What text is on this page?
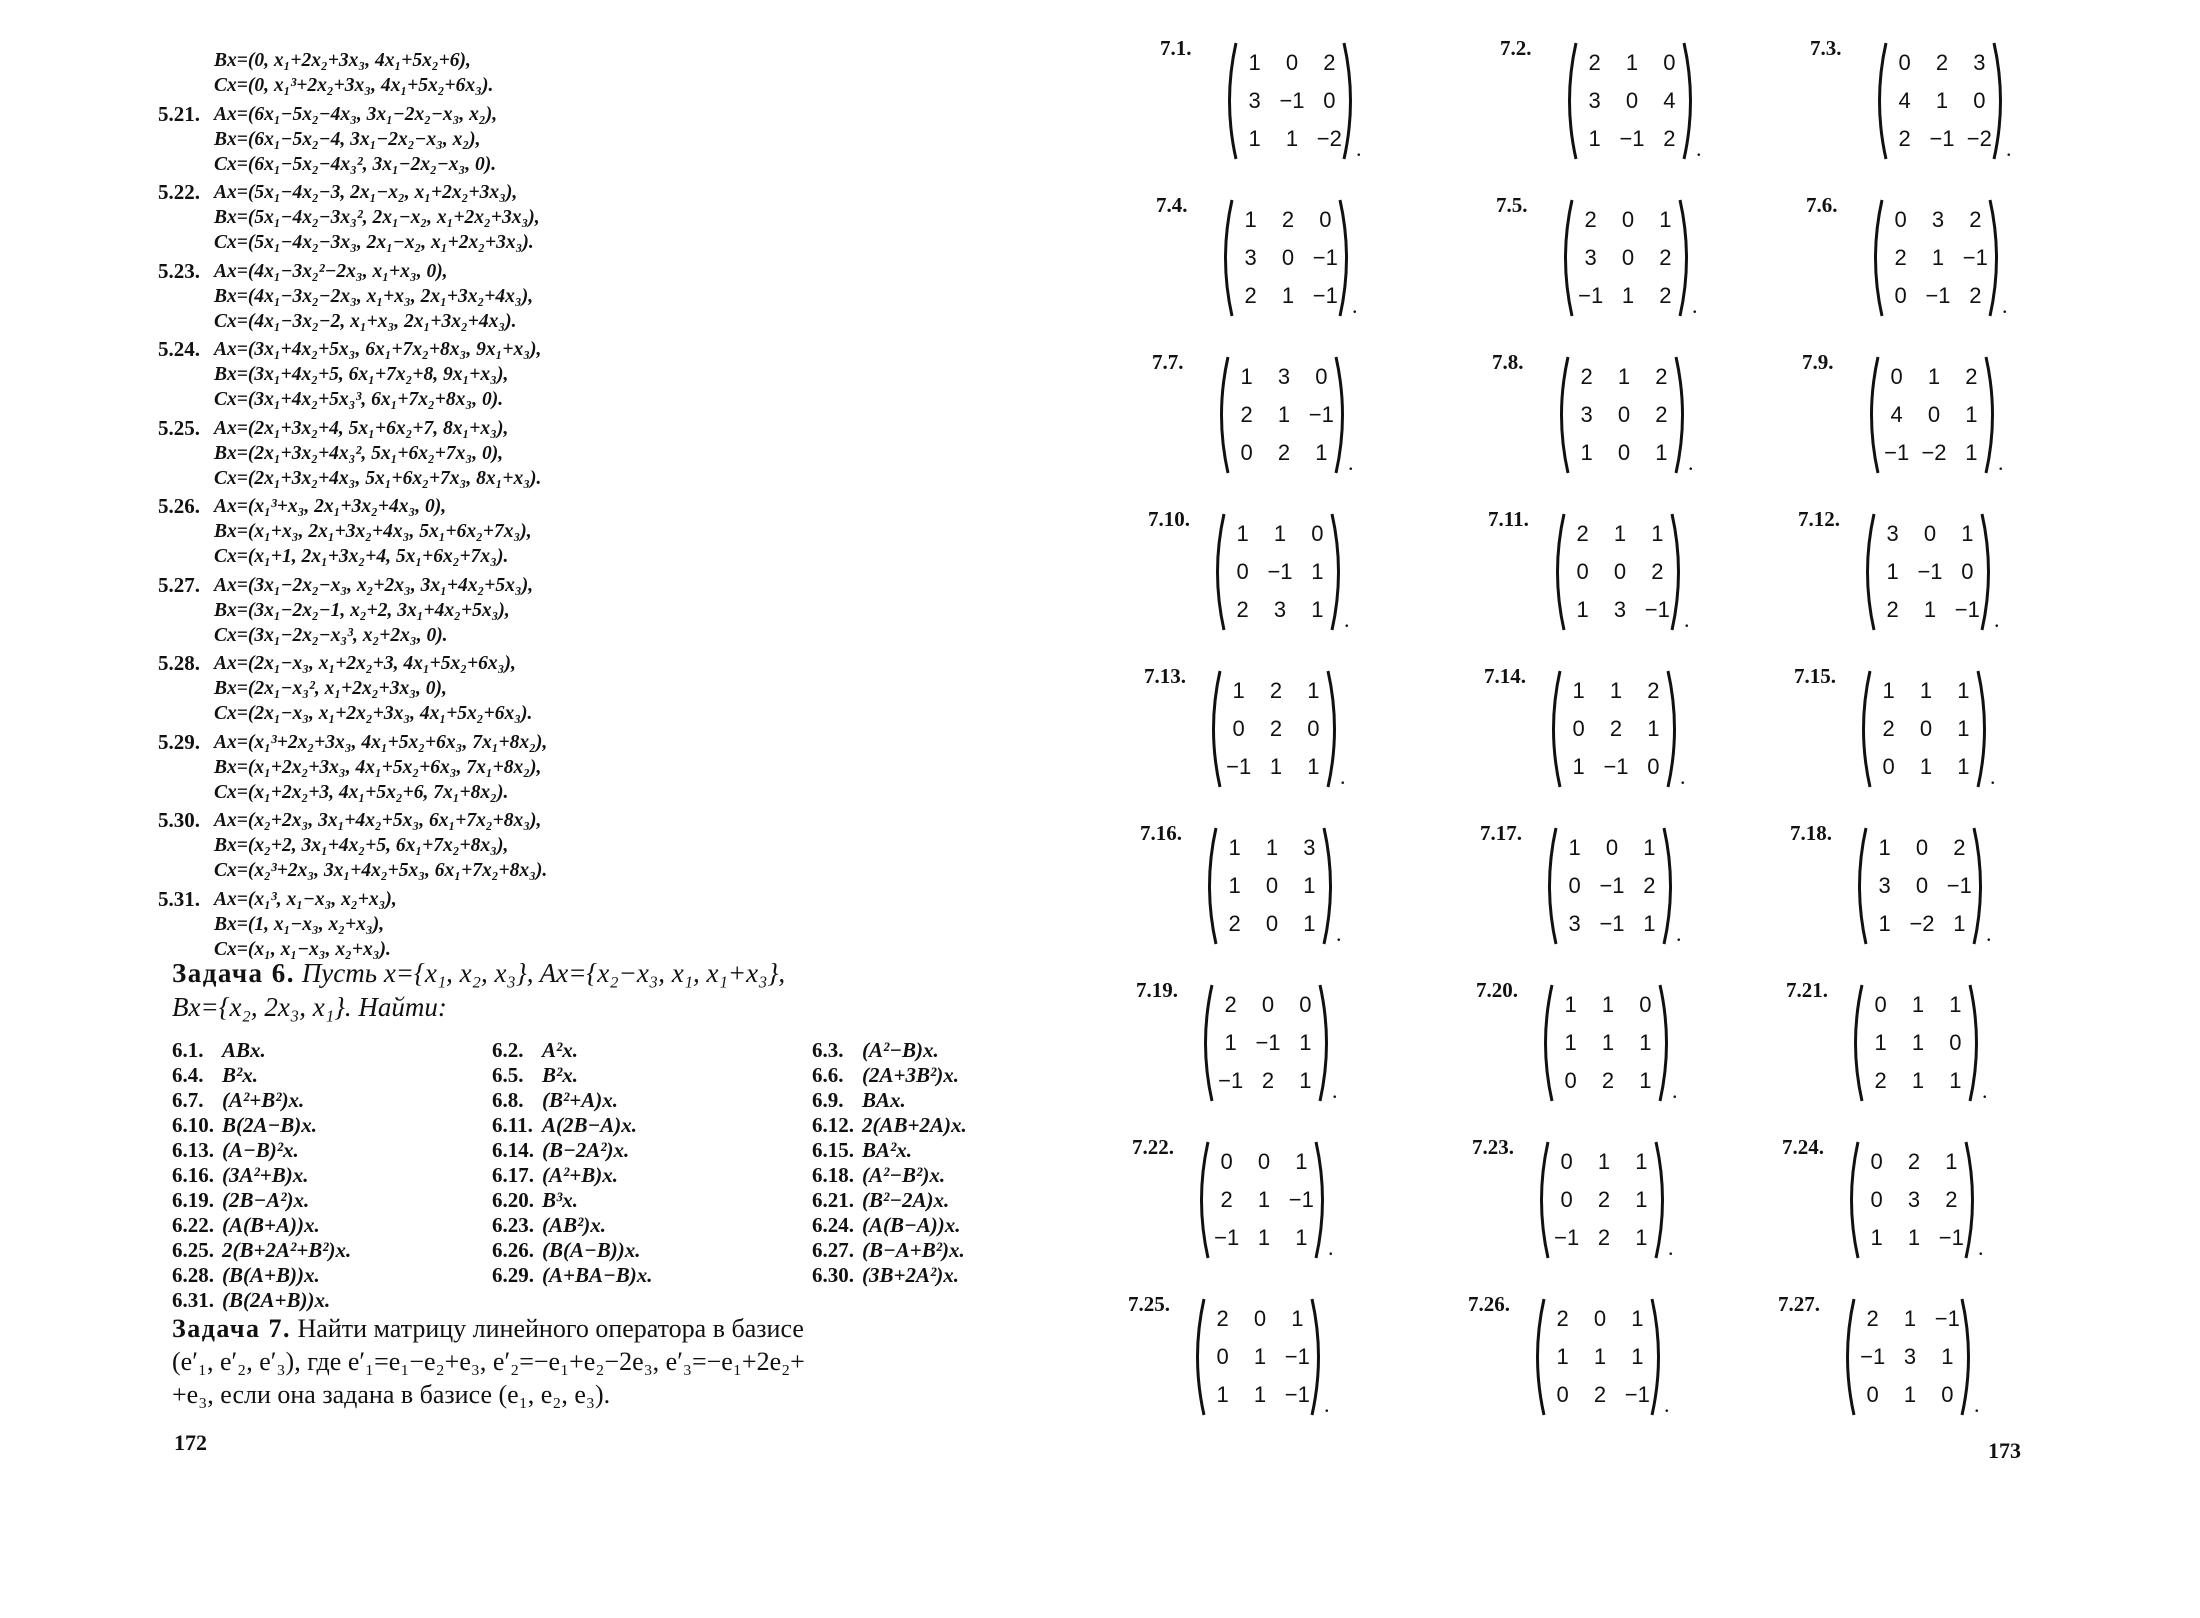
Bx=(0, x₁+2x₂+3x₃, 4x₁+5x₂+6),
Cx=(0, x₁³+2x₂+3x₃, 4x₁+5x₂+6x₃).
5.21. Ax=(6x₁−5x₂−4x₃, 3x₁−2x₂−x₃, x₂),
Bx=(6x₁−5x₂−4, 3x₁−2x₂−x₃, x₂),
Cx=(6x₁−5x₂−4x₃², 3x₁−2x₂−x₃, 0).
5.22. Ax=(5x₁−4x₂−3, 2x₁−x₂, x₁+2x₂+3x₃),
Bx=(5x₁−4x₂−3x₃², 2x₁−x₂, x₁+2x₂+3x₃),
Cx=(5x₁−4x₂−3x₃, 2x₁−x₂, x₁+2x₂+3x₃).
5.23. Ax=(4x₁−3x₂²−2x₃, x₁+x₃, 0),
Bx=(4x₁−3x₂−2x₃, x₁+x₃, 2x₁+3x₂+4x₃),
Cx=(4x₁−3x₂−2, x₁+x₃, 2x₁+3x₂+4x₃).
5.24. Ax=(3x₁+4x₂+5x₃, 6x₁+7x₂+8x₃, 9x₁+x₃),
Bx=(3x₁+4x₂+5, 6x₁+7x₂+8, 9x₁+x₃),
Cx=(3x₁+4x₂+5x₃³, 6x₁+7x₂+8x₃, 0).
5.25. Ax=(2x₁+3x₂+4, 5x₁+6x₂+7, 8x₁+x₃),
Bx=(2x₁+3x₂+4x₃², 5x₁+6x₂+7x₃, 0),
Cx=(2x₁+3x₂+4x₃, 5x₁+6x₂+7x₃, 8x₁+x₃).
5.26. Ax=(x₁³+x₃, 2x₁+3x₂+4x₃, 0),
Bx=(x₁+x₃, 2x₁+3x₂+4x₃, 5x₁+6x₂+7x₃),
Cx=(x₁+1, 2x₁+3x₂+4, 5x₁+6x₂+7x₃).
5.27. Ax=(3x₁−2x₂−x₃, x₂+2x₃, 3x₁+4x₂+5x₃),
Bx=(3x₁−2x₂−1, x₂+2, 3x₁+4x₂+5x₃),
Cx=(3x₁−2x₂−x₃³, x₂+2x₃, 0).
5.28. Ax=(2x₁−x₃, x₁+2x₂+3, 4x₁+5x₂+6x₃),
Bx=(2x₁−x₃², x₁+2x₂+3x₃, 0),
Cx=(2x₁−x₃, x₁+2x₂+3x₃, 4x₁+5x₂+6x₃).
5.29. Ax=(x₁³+2x₂+3x₃, 4x₁+5x₂+6x₃, 7x₁+8x₂),
Bx=(x₁+2x₂+3x₃, 4x₁+5x₂+6x₃, 7x₁+8x₂),
Cx=(x₁+2x₂+3, 4x₁+5x₂+6, 7x₁+8x₂).
5.30. Ax=(x₂+2x₃, 3x₁+4x₂+5x₃, 6x₁+7x₂+8x₃),
Bx=(x₂+2, 3x₁+4x₂+5, 6x₁+7x₂+8x₃),
Cx=(x₂³+2x₃, 3x₁+4x₂+5x₃, 6x₁+7x₂+8x₃).
5.31. Ax=(x₁³, x₁−x₃, x₂+x₃),
Bx=(1, x₁−x₃, x₂+x₃),
Cx=(x₁, x₁−x₃, x₂+x₃).
Задача 6. Пусть x={x₁, x₂, x₃}, Ax={x₂−x₃, x₁, x₁+x₃},
Bx={x₂, 2x₃, x₁}. Найти:
6.1. ABx.	6.2. A²x.	6.3. (A²−B)x.
6.4. B²x.	6.5. B²x.	6.6. (2A+3B²)x.
6.7. (A²+B²)x.	6.8. (B²+A)x.	6.9. BAx.
6.10. B(2A−B)x.	6.11. A(2B−A)x.	6.12. 2(AB+2A)x.
6.13. (A−B)²x.	6.14. (B−2A²)x.	6.15. BA²x.
6.16. (3A²+B)x.	6.17. (A²+B)x.	6.18. (A²−B²)x.
6.19. (2B−A²)x.	6.20. B³x.	6.21. (B²−2A)x.
6.22. (A(B+A))x.	6.23. (AB²)x.	6.24. (A(B−A))x.
6.25. 2(B+2A²+B²)x.	6.26. (B(A−B))x.	6.27. (B−A+B²)x.
6.28. (B(A+B))x.	6.29. (A+BA−B)x.	6.30. (3B+2A²)x.
6.31. (B(2A+B))x.
Задача 7. Найти матрицу линейного оператора в базисе
(e′₁, e′₂, e′₃), где e′₁=e₁−e₂+e₃, e′₂=−e₁+e₂−2e₃, e′₃=−e₁+2e₂+
+e₃, если она задана в базисе (e₁, e₂, e₃).
172
7.1.
1 0 2
3 −1 0
1 1 −2 .
7.2.
2 1 0
3 0 4
1 −1 2 .
7.3.
0 2 3
4 1 0
2 −1 −2 .
7.4.
1 2 0
3 0 −1
2 1 −1 .
7.5.
2 0 1
3 0 2
−1 1 2 .
7.6.
0 3 2
2 1 −1
0 −1 2 .
7.7.
1 3 0
2 1 −1
0 2 1 .
7.8.
2 1 2
3 0 2
1 0 1 .
7.9.
0 1 2
4 0 1
−1 −2 1 .
7.10.
1 1 0
0 −1 1
2 3 1 .
7.11.
2 1 1
0 0 2
1 3 −1 .
7.12.
3 0 1
1 −1 0
2 1 −1 .
7.13.
1 2 1
0 2 0
−1 1 1 .
7.14.
1 1 2
0 2 1
1 −1 0 .
7.15.
1 1 1
2 0 1
0 1 1 .
7.16.
1 1 3
1 0 1
2 0 1 .
7.17.
1 0 1
0 −1 2
3 −1 1 .
7.18.
1 0 2
3 0 −1
1 −2 1 .
7.19.
2 0 0
1 −1 1
−1 2 1 .
7.20.
1 1 0
1 1 1
0 2 1 .
7.21.
0 1 1
1 1 0
2 1 1 .
7.22.
0 0 1
2 1 −1
−1 1 1 .
7.23.
0 1 1
0 2 1
−1 2 1 .
7.24.
0 2 1
0 3 2
1 1 −1 .
7.25.
2 0 1
0 1 −1
1 1 −1 .
7.26.
2 0 1
1 1 1
0 2 −1 .
7.27.
2 1 −1
−1 3 1
0 1 0 .
173
